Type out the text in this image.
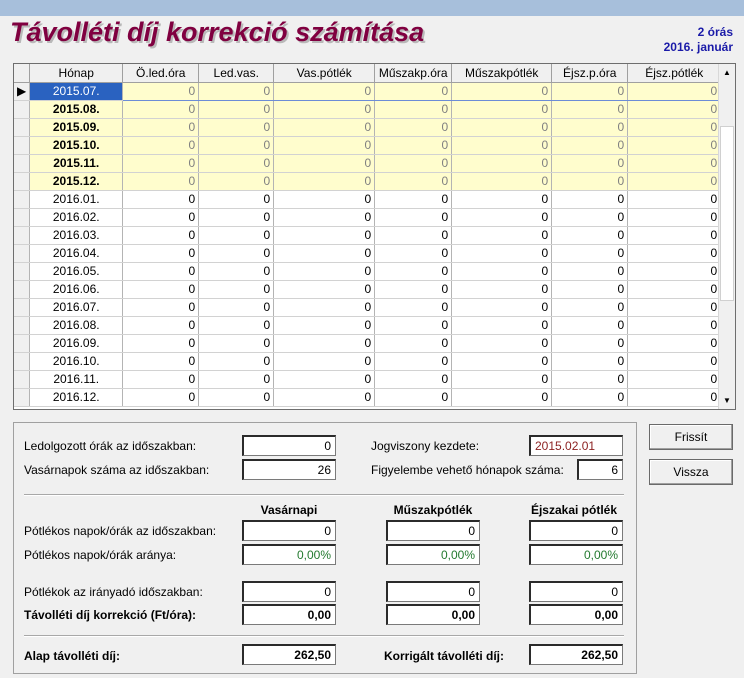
Távolléti díj korrekció számítása	2 órás
2016. január
	Hónap	Ö.led.óra	Led.vas.	Vas.pótlék	Műszakp.óra	Műszakpótlék	Éjsz.p.óra	Éjsz.pótlék
▶	2015.07.	0	0	0	0	0	0	0
	2015.08.	0	0	0	0	0	0	0
	2015.09.	0	0	0	0	0	0	0
	2015.10.	0	0	0	0	0	0	0
	2015.11.	0	0	0	0	0	0	0
	2015.12.	0	0	0	0	0	0	0
	2016.01.	0	0	0	0	0	0	0
	2016.02.	0	0	0	0	0	0	0
	2016.03.	0	0	0	0	0	0	0
	2016.04.	0	0	0	0	0	0	0
	2016.05.	0	0	0	0	0	0	0
	2016.06.	0	0	0	0	0	0	0
	2016.07.	0	0	0	0	0	0	0
	2016.08.	0	0	0	0	0	0	0
	2016.09.	0	0	0	0	0	0	0
	2016.10.	0	0	0	0	0	0	0
	2016.11.	0	0	0	0	0	0	0
	2016.12.	0	0	0	0	0	0	0
▲
▼
Ledolgozott órák az időszakban:	0
Vasárnapok száma az időszakban:	26
Jogviszony kezdete:	2015.02.01
Figyelembe vehető hónapok száma:	6
Vasárnapi	Műszakpótlék	Éjszakai pótlék
Pótlékos napok/órák az időszakban:	0	0	0
Pótlékos napok/órák aránya:	0,00%	0,00%	0,00%
Pótlékok az irányadó időszakban:	0	0	0
Távolléti díj korrekció (Ft/óra):	0,00	0,00	0,00
Alap távolléti díj:	262,50	Korrigált távolléti díj:	262,50
Frissít
Vissza
